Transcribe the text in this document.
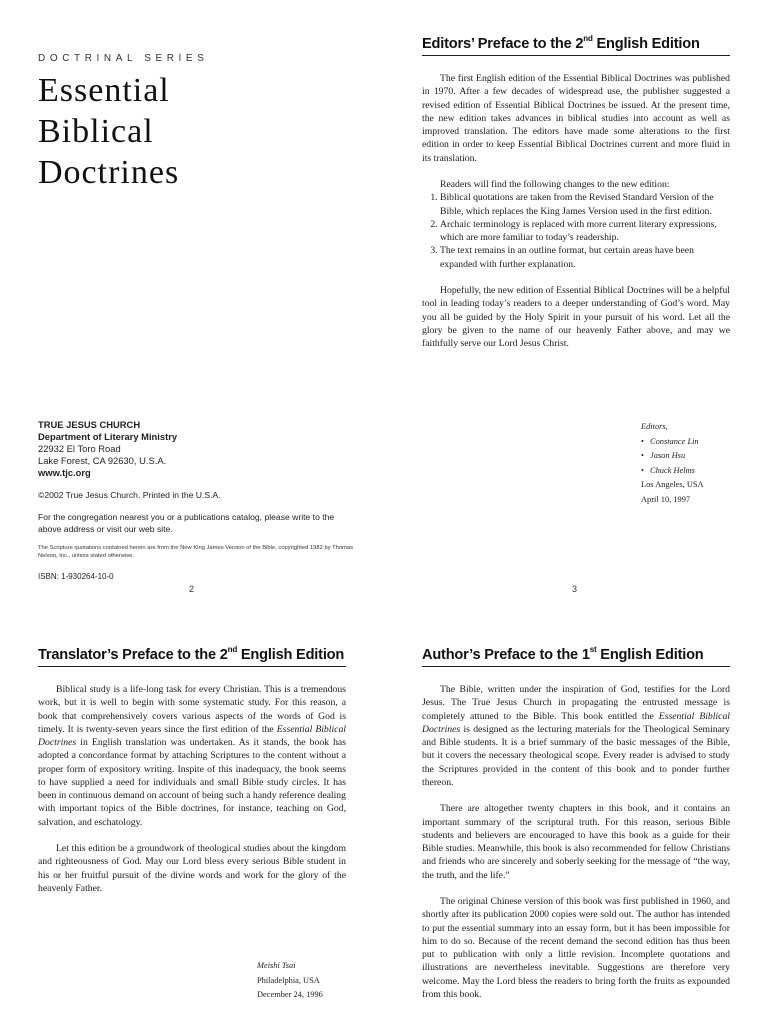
DOCTRINAL SERIES
Essential
Biblical
Doctrines
TRUE JESUS CHURCH
Department of Literary Ministry
22932 El Toro Road
Lake Forest, CA 92630, U.S.A.
www.tjc.org
©2002 True Jesus Church. Printed in the U.S.A.
For the congregation nearest you or a publications catalog, please write to the above address or visit our web site.
The Scripture quotations contained herein are from the New King James Version of the Bible, copyrighted 1982 by Thomas Nelson, Inc., unless stated otherwise.
ISBN: 1-930264-10-0
2
Editors’ Preface to the 2nd English Edition

The first English edition of the Essential Biblical Doctrines was published in 1970. After a few decades of widespread use, the publisher suggested a revised edition of Essential Biblical Doctrines be issued. At the present time, the new edition takes advances in biblical studies into account as well as improved translation. The editors have made some alterations to the first edition in order to keep Essential Biblical Doctrines current and more fluid in its translation.

Readers will find the following changes to the new edition:

1. Biblical quotations are taken from the Revised Standard Version of the Bible, which replaces the King James Version used in the first edition.
2. Archaic terminology is replaced with more current literary expressions, which are more familiar to today’s readership.
3. The text remains in an outline format, but certain areas have been expanded with further explanation.

Hopefully, the new edition of Essential Biblical Doctrines will be a helpful tool in leading today’s readers to a deeper understanding of God’s word. May you all be guided by the Holy Spirit in your pursuit of his word. Let all the glory be given to the name of our heavenly Father above, and may we faithfully serve our Lord Jesus Christ.

Editors,
• Constance Lin
• Jason Hsu
• Chuck Helms
Los Angeles, USA
April 10, 1997
3
Translator’s Preface to the 2nd English Edition

Biblical study is a life-long task for every Christian. This is a tremendous work, but it is well to begin with some systematic study. For this reason, a book that comprehensively covers various aspects of the words of God is timely. It is twenty-seven years since the first edition of the Essential Biblical Doctrines in English translation was undertaken. As it stands, the book has adopted a concordance format by attaching Scriptures to the content without a proper form of expository writing. Inspite of this inadequacy, the book seems to have supplied a need for individuals and small Bible study circles. It has been in continuous demand on account of being such a handy reference dealing with important topics of the Bible doctrines, for instance, teaching on God, salvation, and eschatology.

Let this edition be a groundwork of theological studies about the kingdom and righteousness of God. May our Lord bless every serious Bible student in his or her fruitful pursuit of the divine words and work for the glory of the heavenly Father.

Meishi Tsai
Philadelphia, USA
December 24, 1996
Author’s Preface to the 1st English Edition

The Bible, written under the inspiration of God, testifies for the Lord Jesus. The True Jesus Church in propagating the entrusted message is completely attuned to the Bible. This book entitled the Essential Biblical Doctrines is designed as the lecturing materials for the Theological Seminary and Bible students. It is a brief summary of the basic messages of the Bible, but it covers the necessary theological scope. Every reader is advised to study the Scriptures provided in the content of this book and to ponder further thereon.

There are altogether twenty chapters in this book, and it contains an important summary of the scriptural truth. For this reason, serious Bible students and believers are encouraged to have this book as a guide for their Bible studies. Meanwhile, this book is also recommended for fellow Christians and friends who are sincerely and soberly seeking for the message of “the way, the truth, and the life.”

The original Chinese version of this book was first published in 1960, and shortly after its publication 2000 copies were sold out. The author has intended to put the essential summary into an essay form, but it has been impossible for him to do so. Because of the recent demand the second edition has thus been put to publication with only a little revision. Incomplete quotations and illustrations are nevertheless inevitable. Suggestions are therefore very welcome. May the Lord bless the readers to bring forth the fruits as expounded from this book.
